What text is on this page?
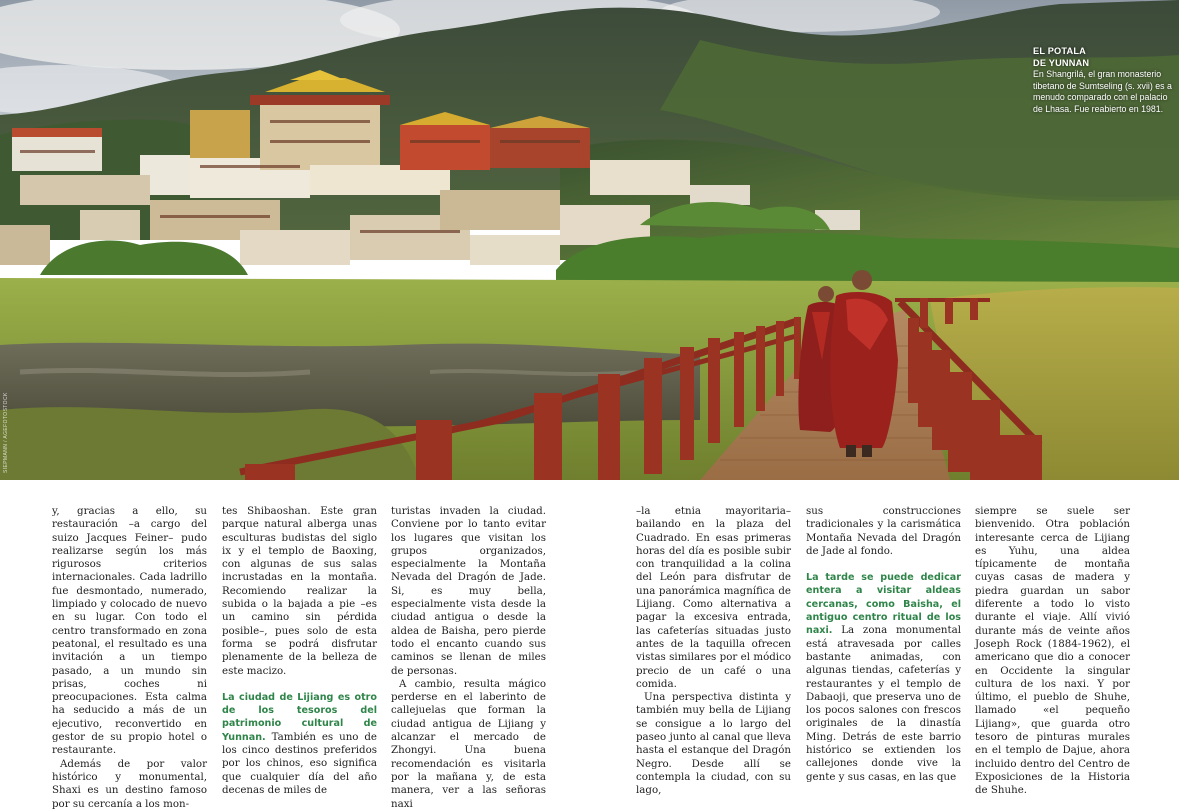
EL POTALA
DE YUNNAN
En Shangrilá, el gran monasterio tibetano de Sumtseling (s. xvii) es a menudo comparado con el palacio de Lhasa. Fue reabierto en 1981.
SIEPMANN / AGEFOTOSTOCK

y, gracias a ello, su restauración –a cargo del suizo Jacques Feiner– pudo realizarse según los más rigurosos criterios internacionales. Cada ladrillo fue desmontado, numerado, limpiado y colocado de nuevo en su lugar. Con todo el centro transformado en zona peatonal, el resultado es una invitación a un tiempo pasado, a un mundo sin prisas, coches ni preocupaciones. Esta calma ha seducido a más de un ejecutivo, reconvertido en gestor de su propio hotel o restaurante.

Además de por valor histórico y monumental, Shaxi es un destino famoso por su cercanía a los mon-

tes Shibaoshan. Este gran parque natural alberga unas esculturas budistas del siglo ix y el templo de Baoxing, con algunas de sus salas incrustadas en la montaña. Recomiendo realizar la subida o la bajada a pie –es un camino sin pérdida posible–, pues solo de esta forma se podrá disfrutar plenamente de la belleza de este macizo.

La ciudad de Lijiang es otro de los tesoros del patrimonio cultural de Yunnan. También es uno de los cinco destinos preferidos por los chinos, eso significa que cualquier día del año decenas de miles de

turistas invaden la ciudad. Conviene por lo tanto evitar los lugares que visitan los grupos organizados, especialmente la Montaña Nevada del Dragón de Jade. Si, es muy bella, especialmente vista desde la ciudad antigua o desde la aldea de Baisha, pero pierde todo el encanto cuando sus caminos se llenan de miles de personas.

A cambio, resulta mágico perderse en el laberinto de callejuelas que forman la ciudad antigua de Lijiang y alcanzar el mercado de Zhongyi. Una buena recomendación es visitarla por la mañana y, de esta manera, ver a las señoras naxi

–la etnia mayoritaria– bailando en la plaza del Cuadrado. En esas primeras horas del día es posible subir con tranquilidad a la colina del León para disfrutar de una panorámica magnífica de Lijiang. Como alternativa a pagar la excesiva entrada, las cafeterías situadas justo antes de la taquilla ofrecen vistas similares por el módico precio de un café o una comida.

Una perspectiva distinta y también muy bella de Lijiang se consigue a lo largo del paseo junto al canal que lleva hasta el estanque del Dragón Negro. Desde allí se contempla la ciudad, con su lago,

sus construcciones tradicionales y la carismática Montaña Nevada del Dragón de Jade al fondo.

La tarde se puede dedicar entera a visitar aldeas cercanas, como Baisha, el antiguo centro ritual de los naxi. La zona monumental está atravesada por calles bastante animadas, con algunas tiendas, cafeterías y restaurantes y el templo de Dabaoji, que preserva uno de los pocos salones con frescos originales de la dinastía Ming. Detrás de este barrio histórico se extienden los callejones donde vive la gente y sus casas, en las que

siempre se suele ser bienvenido. Otra población interesante cerca de Lijiang es Yuhu, una aldea típicamente de montaña cuyas casas de madera y piedra guardan un sabor diferente a todo lo visto durante el viaje. Allí vivió durante más de veinte años Joseph Rock (1884-1962), el americano que dio a conocer en Occidente la singular cultura de los naxi. Y por último, el pueblo de Shuhe, llamado «el pequeño Lijiang», que guarda otro tesoro de pinturas murales en el templo de Dajue, ahora incluido dentro del Centro de Exposiciones de la Historia de Shuhe.
